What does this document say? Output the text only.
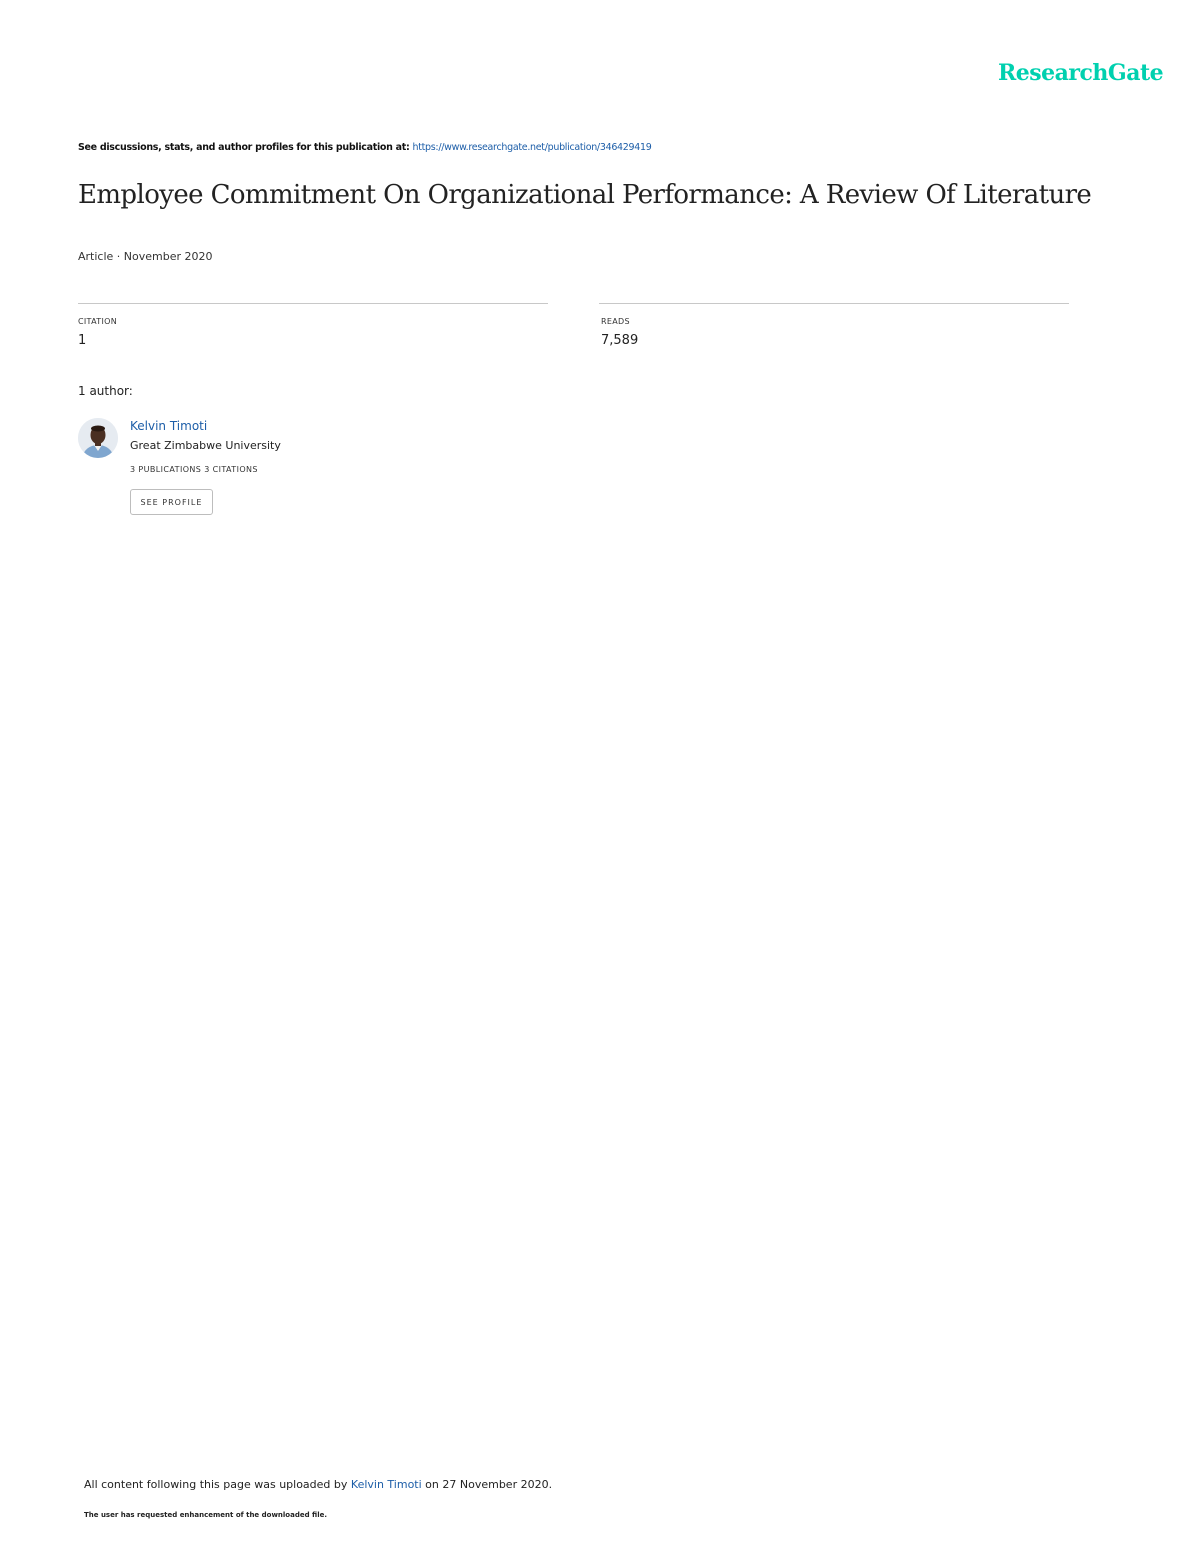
ResearchGate
See discussions, stats, and author profiles for this publication at: https://www.researchgate.net/publication/346429419
Employee Commitment On Organizational Performance: A Review Of Literature
Article · November 2020
CITATION
1
READS
7,589
1 author:
Kelvin Timoti
Great Zimbabwe University
3 PUBLICATIONS 3 CITATIONS
SEE PROFILE
All content following this page was uploaded by Kelvin Timoti on 27 November 2020.
The user has requested enhancement of the downloaded file.
